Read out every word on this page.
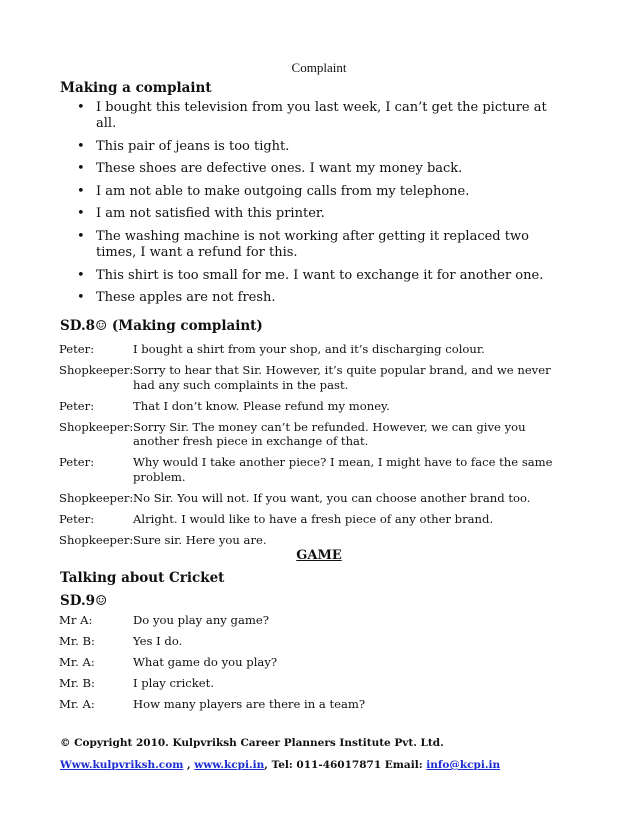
Complaint
Making a complaint
• I bought this television from you last week, I can’t get the picture at all.
• This pair of jeans is too tight.
• These shoes are defective ones. I want my money back.
• I am not able to make outgoing calls from my telephone.
• I am not satisfied with this printer.
• The washing machine is not working after getting it replaced two times, I want a refund for this.
• This shirt is too small for me. I want to exchange it for another one.
• These apples are not fresh.
SD.8☺ (Making complaint)
Peter:	I bought a shirt from your shop, and it’s discharging colour.
Shopkeeper: Sorry to hear that Sir. However, it’s quite popular brand, and we never had any such complaints in the past.
Peter:	That I don’t know. Please refund my money.
Shopkeeper: Sorry Sir. The money can’t be refunded. However, we can give you another fresh piece in exchange of that.
Peter:	Why would I take another piece? I mean, I might have to face the same problem.
Shopkeeper: No Sir. You will not. If you want, you can choose another brand too.
Peter:	Alright. I would like to have a fresh piece of any other brand.
Shopkeeper: Sure sir. Here you are.
GAME
Talking about Cricket
SD.9☺
Mr A:	Do you play any game?
Mr. B:	Yes I do.
Mr. A:	What game do you play?
Mr. B:	I play cricket.
Mr. A:	How many players are there in a team?
© Copyright 2010. Kulpvriksh Career Planners Institute Pvt. Ltd.
Www.kulpvriksh.com , www.kcpi.in, Tel: 011-46017871 Email: info@kcpi.in
